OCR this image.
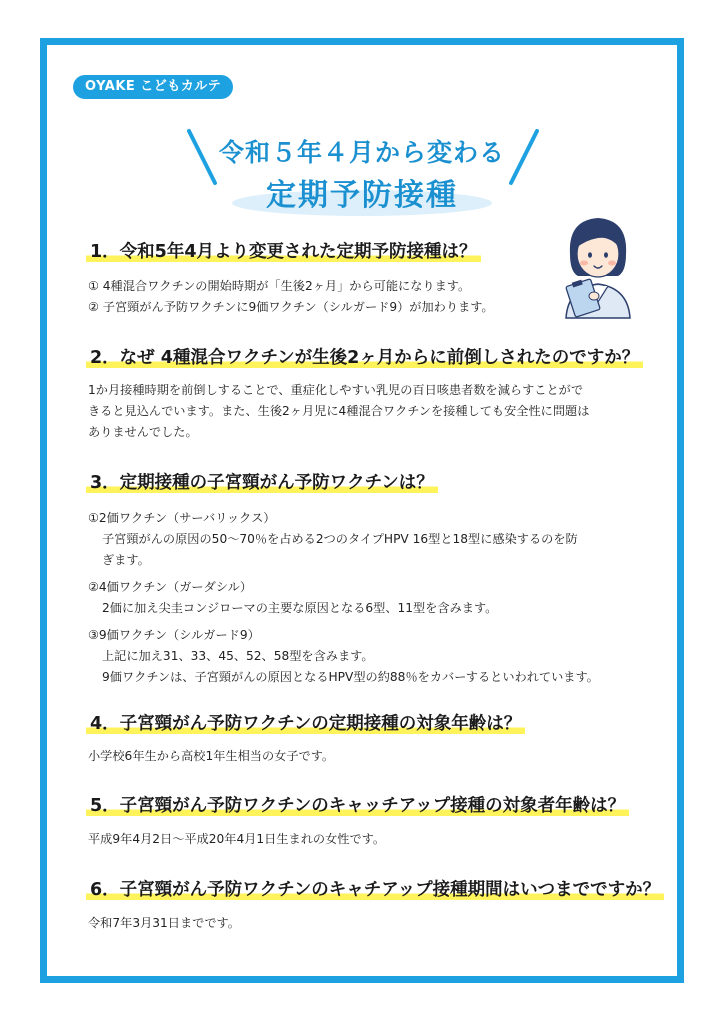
OYAKE こどもカルテ
令和５年４月から変わる
定期予防接種
1．令和5年4月より変更された定期予防接種は？
① 4種混合ワクチンの開始時期が「生後2ヶ月」から可能になります。
② 子宮頸がん予防ワクチンに9価ワクチン（シルガード9）が加わります。
2．なぜ 4種混合ワクチンが生後2ヶ月からに前倒しされたのですか？
1か月接種時期を前倒しすることで、重症化しやすい乳児の百日咳患者数を減らすことがで
きると見込んでいます。また、生後2ヶ月児に4種混合ワクチンを接種しても安全性に問題は
ありませんでした。
3．定期接種の子宮頸がん予防ワクチンは？
①2価ワクチン（サーバリックス）
子宮頸がんの原因の50～70％を占める2つのタイプHPV 16型と18型に感染するのを防
ぎます。
②4価ワクチン（ガーダシル）
2価に加え尖圭コンジローマの主要な原因となる6型、11型を含みます。
③9価ワクチン（シルガード9）
上記に加え31、33、45、52、58型を含みます。
9価ワクチンは、子宮頸がんの原因となるHPV型の約88％をカバーするといわれています。
4．子宮頸がん予防ワクチンの定期接種の対象年齢は？
小学校6年生から高校1年生相当の女子です。
5．子宮頸がん予防ワクチンのキャッチアップ接種の対象者年齢は？
平成9年4月2日～平成20年4月1日生まれの女性です。
6．子宮頸がん予防ワクチンのキャチアップ接種期間はいつまでですか？
令和7年3月31日までです。
